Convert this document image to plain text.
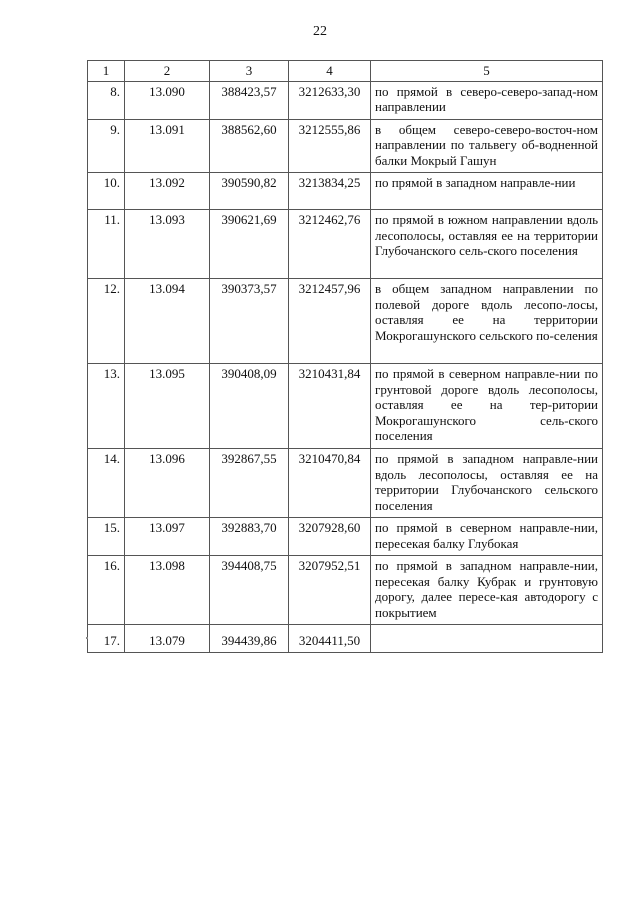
22
1	2	3	4	5
8.	13.090	388423,57	3212633,30	по прямой в северо-северо-запад-ном направлении
9.	13.091	388562,60	3212555,86	в общем северо-северо-восточ-ном направлении по тальвегу об-водненной балки Мокрый Гашун
10.	13.092	390590,82	3213834,25	по прямой в западном направле-нии
11.	13.093	390621,69	3212462,76	по прямой в южном направлении вдоль лесополосы, оставляя ее на территории Глубочанского сель-ского поселения
12.	13.094	390373,57	3212457,96	в общем западном направлении по полевой дороге вдоль лесопо-лосы, оставляя ее на территории Мокрогашунского сельского по-селения
13.	13.095	390408,09	3210431,84	по прямой в северном направле-нии по грунтовой дороге вдоль лесополосы, оставляя ее на тер-ритории Мокрогашунского сель-ского поселения
14.	13.096	392867,55	3210470,84	по прямой в западном направле-нии вдоль лесополосы, оставляя ее на территории Глубочанского сельского поселения
15.	13.097	392883,70	3207928,60	по прямой в северном направле-нии, пересекая балку Глубокая
16.	13.098	394408,75	3207952,51	по прямой в западном направле-нии, пересекая балку Кубрак и грунтовую дорогу, далее пересе-кая автодорогу с покрытием
17.	13.079	394439,86	3204411,50	
